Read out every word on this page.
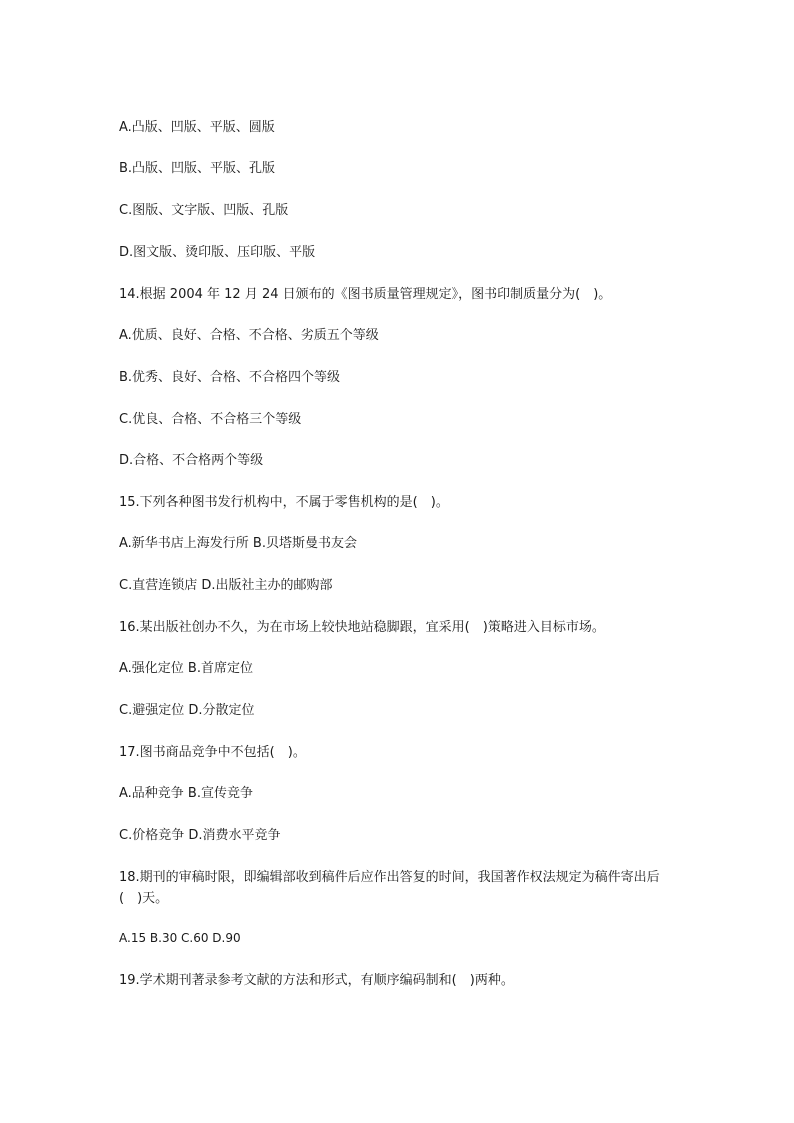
A.凸版、凹版、平版、圆版
B.凸版、凹版、平版、孔版
C.图版、文字版、凹版、孔版
D.图文版、烫印版、压印版、平版
14.根据 2004 年 12 月 24 日颁布的《图书质量管理规定》，图书印制质量分为(　)。
A.优质、良好、合格、不合格、劣质五个等级
B.优秀、良好、合格、不合格四个等级
C.优良、合格、不合格三个等级
D.合格、不合格两个等级
15.下列各种图书发行机构中，不属于零售机构的是(　)。
A.新华书店上海发行所 B.贝塔斯曼书友会
C.直营连锁店 D.出版社主办的邮购部
16.某出版社创办不久，为在市场上较快地站稳脚跟，宜采用(　)策略进入目标市场。
A.强化定位 B.首席定位
C.避强定位 D.分散定位
17.图书商品竞争中不包括(　)。
A.品种竞争 B.宣传竞争
C.价格竞争 D.消费水平竞争
18.期刊的审稿时限，即编辑部收到稿件后应作出答复的时间，我国著作权法规定为稿件寄出后(　)天。
A.15 B.30 C.60 D.90
19.学术期刊著录参考文献的方法和形式，有顺序编码制和(　)两种。
